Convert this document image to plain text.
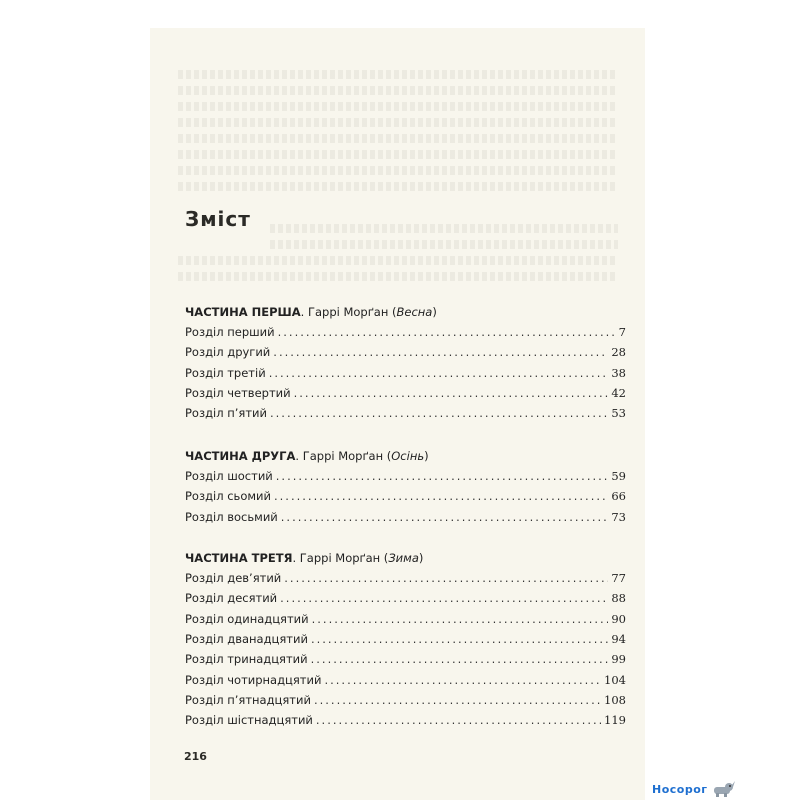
Зміст
ЧАСТИНА ПЕРША. Гаррі Морґан (Весна)
Розділ перший .....	7
Розділ другий .....	28
Розділ третій .....	38
Розділ четвертий .....	42
Розділ п’ятий .....	53
ЧАСТИНА ДРУГА. Гаррі Морґан (Осінь)
Розділ шостий .....	59
Розділ сьомий .....	66
Розділ восьмий .....	73
ЧАСТИНА ТРЕТЯ. Гаррі Морґан (Зима)
Розділ дев’ятий .....	77
Розділ десятий .....	88
Розділ одинадцятий .....	90
Розділ дванадцятий .....	94
Розділ тринадцятий .....	99
Розділ чотирнадцятий .....	104
Розділ п’ятнадцятий .....	108
Розділ шістнадцятий .....	119
216
Носорог
